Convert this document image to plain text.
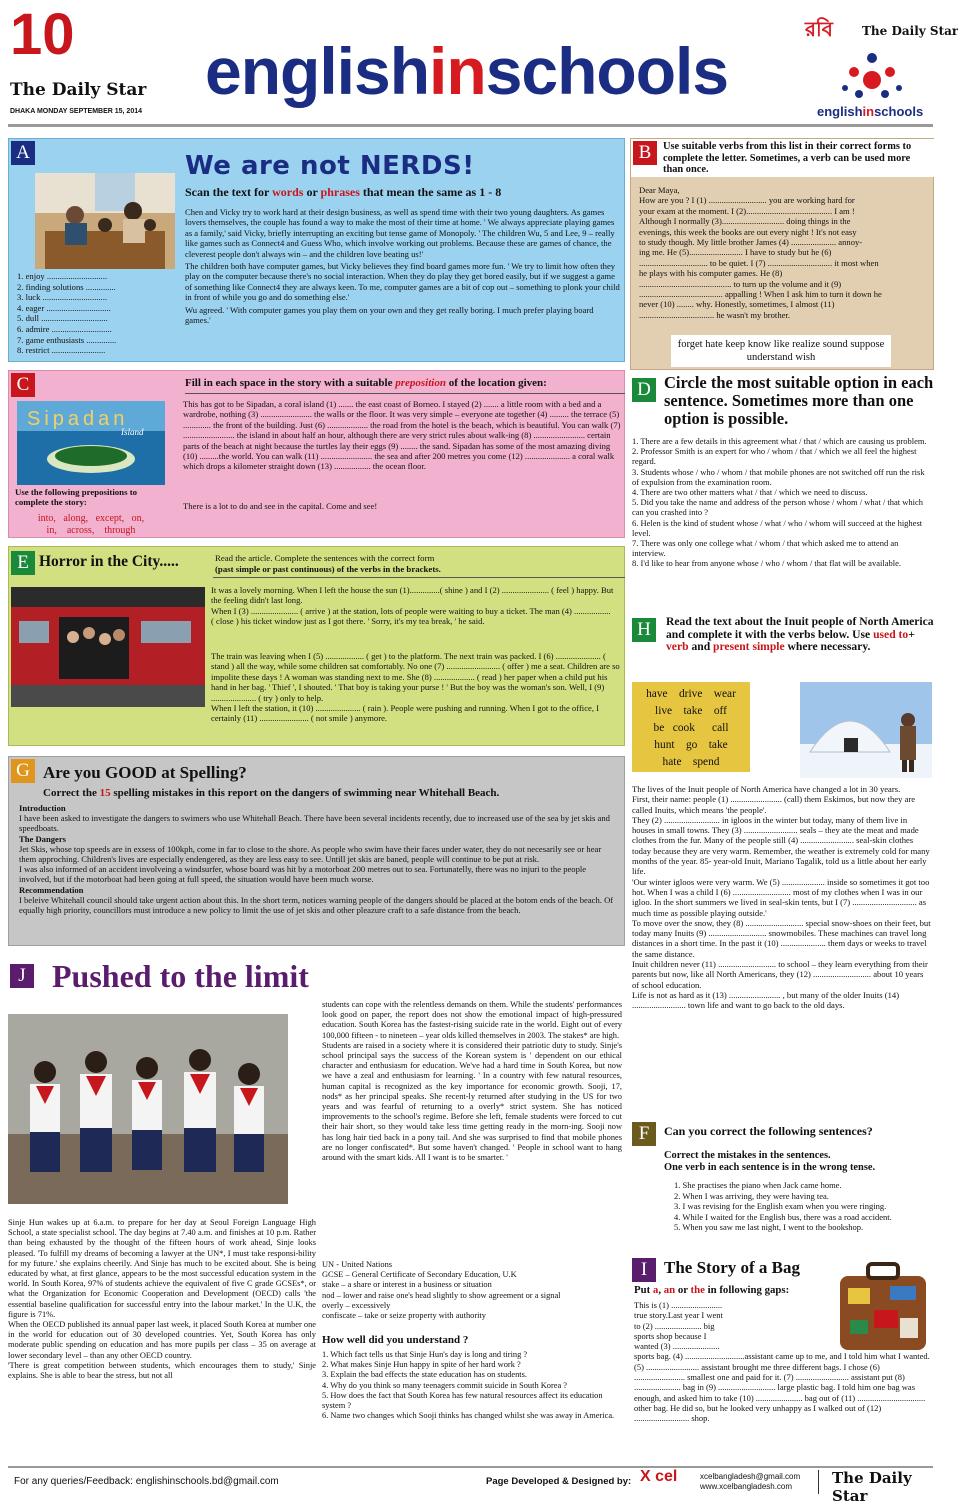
10
The Daily Star
DHAKA MONDAY SEPTEMBER 15, 2014
englishinschools
রবি The Daily Star
englishinschools
A	We are not NERDS!
Scan the text for words or phrases that mean the same as 1 - 8
1. enjoy ............................
2. finding solutions ..............
3. luck ..............................
4. eager ..............................
5. dull ...............................
6. admire ............................
7. game enthusiasts ..............
8. restrict .........................
Chen and Vicky try to work hard at their design business, as well as spend time with their two young daughters. As games lovers themselves, the couple has found a way to make the most of their time at home. ' We always appreciate playing games as a family,' said Vicky, briefly interrupting an exciting but tense game of Monopoly. ' The children Wu, 5 and Lee, 9 – really like games such as Connect4 and Guess Who, which involve working out problems. Because these are games of chance, the cleverest people don't always win – and the children love beating us!'
The children both have computer games, but Vicky believes they find board games more fun. ' We try to limit how often they play on the computer because there's no social interaction. When they do play they get bored easily, but if we suggest a game of something like Connect4 they are always keen. To me, computer games are a bit of cop out – something to plonk your child in front of while you go and do something else.'
Wu agreed. ' With computer games you play them on your own and they get really boring. I much prefer playing board games.'
B	Use suitable verbs from this list in their correct forms to complete the letter. Sometimes, a verb can be used more than once.
Dear Maya,
How are you ? I (1) ........................... you are working hard for
your exam at the moment. I (2)........................................ I am !
Although I normally (3)............................. doing things in the
evenings, this week the books are out every night ! It's not easy
to study though. My little brother James (4) ..................... annoy-
ing me. He (5)......................... I have to study but he (6)
................................ to be quiet. I (7) .............................. it most when
he plays with his computer games. He (8)
........................................... to turn up the volume and it (9)
....................................... appalling ! When I ask him to turn it down he
never (10) ........ why. Honestly, sometimes, I almost (11)
................................... he wasn't my brother.
forget hate keep know like realize sound suppose understand wish
C
Sipadan
Island
Use the following prepositions to complete the story:
into,   along,   except,   on,
in,    across,    through
Fill in each space in the story with a suitable preposition of the location given:
This has got to be Sipadan, a coral island (1) ....... the east coast of Borneo. I stayed (2) ....... a little room with a bed and a wardrobe, nothing (3) ........................ the walls or the floor. It was very simple – everyone ate together (4) ......... the terrace (5) ............. the front of the building. Just (6) ................... the road from the hotel is the beach, which is beautiful. You can walk (7) ........................ the island in about half an hour, although there are very strict rules about walk-ing (8) ........................ certain parts of the beach at night because the turtles lay their eggs (9) ........ the sand. Sipadan has some of the most amazing diving (10) .........the world. You can walk (11) ........................ the sea and after 200 metres you come (12) ..................... a coral walk which drops a kilometer straight down (13) ................. the ocean floor.
There is a lot to do and see in the capital. Come and see!
D Circle the most suitable option in each sentence. Sometimes more than one option is possible.
1. There are a few details in this agreement what / that / which are causing us problem.
2. Professor Smith is an expert for who / whom / that / which we all feel the highest regard.
3. Students whose / who / whom / that mobile phones are not switched off run the risk of expulsion from the examination room.
4. There are two other matters what / that / which we need to discuss.
5. Did you take the name and address of the person whose / whom / what / that which can you crashed into ?
6. Helen is the kind of student whose / what / who / whom will succeed at the highest level.
7. There was only one college what / whom / that which asked me to attend an interview.
8. I'd like to hear from anyone whose / who / whom / that flat will be available.
E Horror in the City.....	Read the article. Complete the sentences with the correct form
(past simple or past continuous) of the verbs in the brackets.
It was a lovely morning. When I left the house the sun (1)..............( shine ) and I (2) ...................... ( feel ) happy. But the feeling didn't last long.
When I (3) ...................... ( arrive ) at the station, lots of people were waiting to buy a ticket. The man (4) .................
( close ) his ticket window just as I got there. ' Sorry, it's my tea break, ' he said.
The train was leaving when I (5) .................. ( get ) to the platform. The next train was packed. I (6) ..................... ( stand ) all the way, while some children sat comfortably. No one (7) ......................... ( offer ) me a seat. Children are so impolite these days ! A woman was standing next to me. She (8) ................... ( read ) her paper when a child put his hand in her bag. ' Thief ', I shouted. ' That boy is taking your purse ! ' But the boy was the woman's son. Well, I (9) ..................... ( try ) only to help.
When I left the station, it (10) ..................... ( rain ). People were pushing and running. When I got to the office, I certainly (11) ....................... ( not smile ) anymore.
H	Read the text about the Inuit people of North America and complete it with the verbs below. Use used to+ verb and present simple where necessary.
have    drive    wear
live    take    off
be   cook      call
hunt    go    take
hate    spend
The lives of the Inuit people of North America have changed a lot in 30 years.
First, their name: people (1) ........................ (call) them Eskimos, but now they are called Inuits, which means 'the people'.
They (2) .......................... in igloos in the winter but today, many of them live in houses in small towns. They (3) ......................... seals – they ate the meat and made clothes from the fur. Many of the people still (4) ......................... seal-skin clothes today because they are very warm. Remember, the weather is extremely cold for many months of the year. 85- year-old Inuit, Mariano Tagalik, told us a little about her early life.
'Our winter igloos were very warm. We (5) .................... inside so sometimes it got too hot. When I was a child I (6) ........................... most of my clothes when I was in our igloo. In the short summers we lived in seal-skin tents, but I (7) .............................. as much time as possible playing outside.'
To move over the snow, they (8) ........................... special snow-shoes on their feet, but today many Inuits (9) ........................... snowmobiles. These machines can travel long distances in a short time. In the past it (10) ..................... them days or weeks to travel the same distance.
Inuit children never (11) ........................... to school – they learn everything from their parents but now, like all North Americans, they (12) ........................... about 10 years of school education.
Life is not as hard as it (13) ........................ , but many of the older Inuits (14) ......................... town life and want to go back to the old days.
G Are you GOOD at Spelling?
Correct the 15 spelling mistakes in this report on the dangers of swimming near Whitehall Beach.
Introduction
I have been asked to investigate the dangers to swimers who use Whitehall Beach. There have been several incidents recently, due to increased use of the sea by jet skis and speedboats.
The Dangers
Jet Skis, whose top speeds are in exsess of 100kph, come in far to close to the shore. As people who swim have their faces under water, they do not necesarily see or hear them approching. Children's lives are especially endengered, as they are less easy to see. Untill jet skis are baned, people will continue to be put at risk.
I was also informed of an accident involveing a windsurfer, whose board was hit by a motorboat 200 metres out to sea. Fortunatelly, there was no injuri to the people involved, but if the motorboat had been going at full speed, the situation would have been much worse.
Recommendation
I beleive Whitehall council should take urgent action about this. In the short term, notices warning people of the dangers should be placed at the botom ends of the beach. Of equally high priority, councillors must introduce a new policy to limit the use of jet skis and other pleazure craft to a safe distance from the beach.
J Pushed to the limit
Sinje Hun wakes up at 6.a.m. to prepare for her day at Seoul Foreign Language High School, a state specialist school. The day begins at 7.40 a.m. and finishes at 10 p.m. Rather than being exhausted by the thought of the fifteen hours of work ahead, Sinje looks pleased. 'To fulfill my dreams of becoming a lawyer at the UN*, I must take responsi-bility for my future.' she explains cheerily. And Sinje has much to be excited about. She is being educated by what, at first glance, appears to be the most successful education system in the world. In South Korea, 97% of students achieve the equivalent of five C grade GCSEs*, or what the Organization for Economic Cooperation and Development (OECD) calls 'the essential baseline qualification for successful entry into the labour market.' In the U.K, the figure is 71%.
When the OECD published its annual paper last week, it placed South Korea at number one in the world for education out of 30 developed countries. Yet, South Korea has only moderate public spending on education and has more pupils per class – 35 on average at lower secondary level – than any other OECD country.
'There is great competition between students, which encourages them to study,' Sinje explains. She is able to bear the stress, but not all
students can cope with the relentless demands on them. While the students' performances look good on paper, the report does not show the emotional impact of high-pressured education. South Korea has the fastest-rising suicide rate in the world. Eight out of every 100,000 fifteen - to nineteen – year olds killed themselves in 2003. The stakes* are high.
Students are raised in a society where it is considered their patriotic duty to study. Sinje's school principal says the success of the Korean system is ' dependent on our ethical character and enthusiasm for education. We've had a hard time in South Korea, but now we have a zeal and enthusiasm for learning. ' In a country with few natural resources, human capital is recognized as the key importance for economic growth. Sooji, 17, nods* as her principal speaks. She recent-ly returned after studying in the US for two years and was fearful of returning to a overly* strict system. She has noticed improvements to the school's regime. Before she left, female students were forced to cut their hair short, so they would take less time getting ready in the morn-ing. Sooji now has long hair tied back in a pony tail. And she was surprised to find that mobile phones are no longer confiscated*. But some haven't changed. ' People in school want to hang around with the smart kids. All I want is to be smarter. '
UN - United Nations
GCSE – General Certificate of Secondary Education, U.K
stake – a share or interest in a business or situation
nod – lower and raise one's head slightly to show agreement or a signal
overly – excessively
confiscate – take or seize property with authority
How well did you understand ?
1. Which fact tells us that Sinje Hun's day is long and tiring ?
2. What makes Sinje Hun happy in spite of her hard work ?
3. Explain the bad effects the state education has on students.
4. Why do you think so many teenagers commit suicide in South Korea ?
5. How does the fact that South Korea has few natural resources affect its education system ?
6. Name two changes which Sooji thinks has changed whilst she was away in America.
F	Can you correct the following sentences?
Correct the mistakes in the sentences.
One verb in each sentence is in the wrong tense.
1. She practises the piano when Jack came home.
2. When I was arriving, they were having tea.
3. I was revising for the English exam when you were ringing.
4. While I waited for the English bus, there was a road accident.
5. When you saw me last night, I went to the bookshop.
I The Story of a Bag
Put a, an or the in following gaps:
This is (1) ........................
true story.Last year I went
to (2) ...................... big
sports shop because I
wanted (3) ......................
sports bag. (4) ............................assistant came up to me, and I told him what I wanted. (5) ......................... assistant brought me three different bags. I chose (6) ........................ smallest one and paid for it. (7) ......................... assistant put (8) ...................... bag in (9) ........................... large plastic bag. I told him one bag was enough, and asked him to take (10) ...................... bag out of (11) ................................ other bag. He did so, but he looked very unhappy as I walked out of (12) .......................... shop.
For any queries/Feedback: englishinschools.bd@gmail.com	Page Developed & Designed by: X cel	xcelbangladesh@gmail.com
www.xcelbangladesh.com	The Daily Star
